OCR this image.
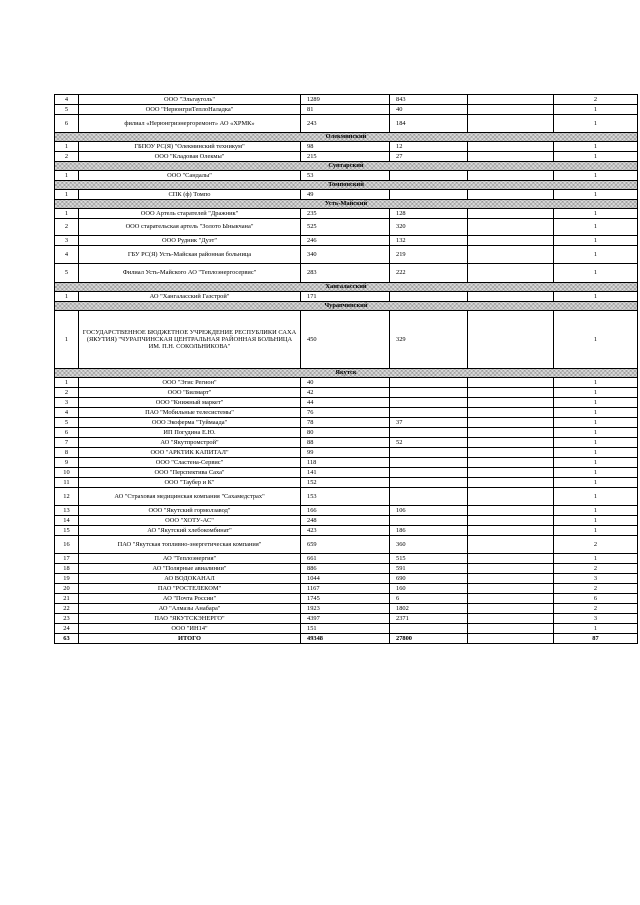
4	ООО "Эльгауголь"	1289	843		2
5	ООО "НерюнгриТеплоНаладка"	81	40		1
6	филиал «Нерюнгриэнергоремонт» АО «ХРМК»	243	184		1
Олекминский					
1	ГБПОУ РС(Я) "Олекминский техникум"	98	12		1
2	ООО "Кладовая Олекмы"	215	27		1
Сунтарский					
1	ООО "Сандалы"	53			1
Томпонский					
1	СПК (ф) Томпо	49			1
Усть-Майский					
1	ООО Артель старателей "Дражник"	235	128		1
2	ООО старательская артель "Золото Ыныкчана"	525	320		1
3	ООО Рудник "Дуэт"	246	132		1
4	ГБУ РС(Я) Усть-Майская районная больница	340	219		1
5	Филиал Усть-Майского АО "Теплоэнергосервис"	283	222		1
Хангаласский					
1	АО "Хангаласский Газстрой"	171			1
Чурапчинский					
1	ГОСУДАРСТВЕННОЕ БЮДЖЕТНОЕ УЧРЕЖДЕНИЕ РЕСПУБЛИКИ САХА (ЯКУТИЯ) "ЧУРАПЧИНСКАЯ ЦЕНТРАЛЬНАЯ РАЙОННАЯ БОЛЬНИЦА ИМ. П.Н. СОКОЛЬНИКОВА"	450	329		1
Якутск					
1	ООО "Эгис Регион"	40			1
2	ООО "Билмарт"	42			1
3	ООО "Книжный маркет"	44			1
4	ПАО "Мобильные телесистемы"	76			1
5	ООО Экоферма "Туймаада"	78	37		1
6	ИП Погудина Е.Ю.	80			1
7	АО "Якутпромстрой"	88	52		1
8	ООО "АРКТИК КАПИТАЛ"	99			1
9	ООО "Сластена-Сервис"	118			1
10	ООО "Перспектива Саха"	141			1
11	ООО "Таубер и К"	152			1
12	АО "Страховая медицинская компания "Сахамедстрах"	153			1
13	ООО "Якутский гормолзавод"	166	106		1
14	ООО "ХОТУ-АС"	248			1
15	АО "Якутский хлебокомбинат"	423	186		1
16	ПАО "Якутская топливно-энергетическая компания"	659	360		2
17	АО "Теплоэнергия"	661	515		1
18	АО "Полярные авиалинии"	886	591		2
19	АО ВОДОКАНАЛ	1044	690		3
20	ПАО "РОСТЕЛЕКОМ"	1167	160		2
21	АО "Почта России"	1745	6		6
22	АО "Алмазы Анабара"	1923	1802		2
23	ПАО "ЯКУТСКЭНЕРГО"	4397	2371		3
24	ООО "ИН14"	151			1
63	ИТОГО	49348	27800		87
